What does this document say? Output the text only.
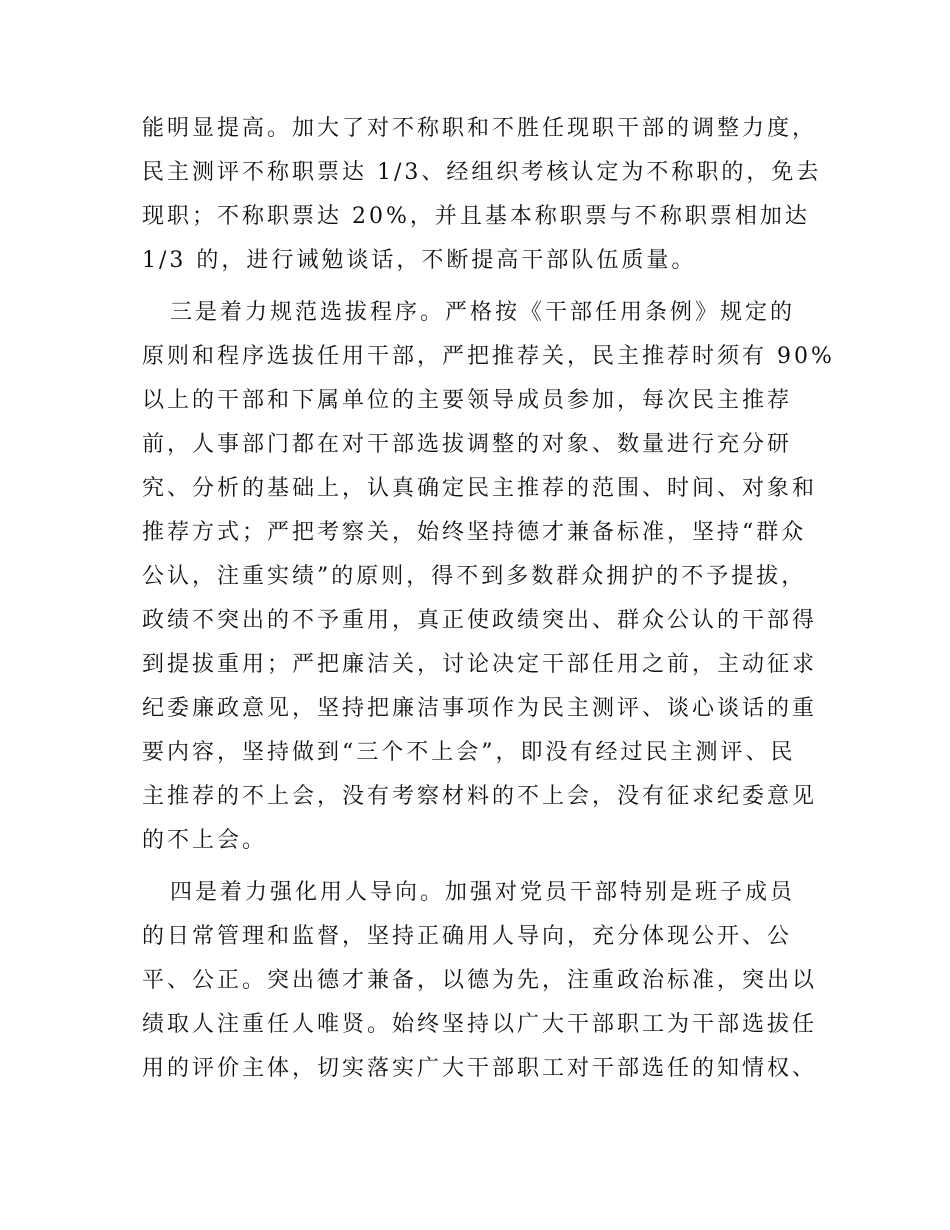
能明显提高。加大了对不称职和不胜任现职干部的调整力度，
民主测评不称职票达 1/3、经组织考核认定为不称职的，免去
现职；不称职票达 20%，并且基本称职票与不称职票相加达
1/3 的，进行诫勉谈话，不断提高干部队伍质量。
三是着力规范选拔程序。严格按《干部任用条例》规定的
原则和程序选拔任用干部，严把推荐关，民主推荐时须有 90%
以上的干部和下属单位的主要领导成员参加，每次民主推荐
前，人事部门都在对干部选拔调整的对象、数量进行充分研
究、分析的基础上，认真确定民主推荐的范围、时间、对象和
推荐方式；严把考察关，始终坚持德才兼备标准，坚持“群众
公认，注重实绩”的原则，得不到多数群众拥护的不予提拔，
政绩不突出的不予重用，真正使政绩突出、群众公认的干部得
到提拔重用；严把廉洁关，讨论决定干部任用之前，主动征求
纪委廉政意见，坚持把廉洁事项作为民主测评、谈心谈话的重
要内容，坚持做到“三个不上会”，即没有经过民主测评、民
主推荐的不上会，没有考察材料的不上会，没有征求纪委意见
的不上会。
四是着力强化用人导向。加强对党员干部特别是班子成员
的日常管理和监督，坚持正确用人导向，充分体现公开、公
平、公正。突出德才兼备，以德为先，注重政治标准，突出以
绩取人注重任人唯贤。始终坚持以广大干部职工为干部选拔任
用的评价主体，切实落实广大干部职工对干部选任的知情权、
